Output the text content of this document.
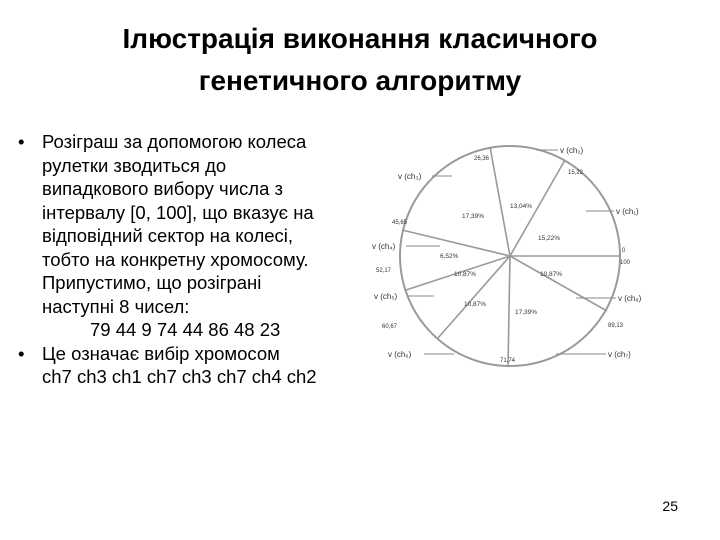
Ілюстрація виконання класичного
генетичного алгоритму
• Розіграш за допомогою колеса
рулетки зводиться до
випадкового вибору числа з
інтервалу [0, 100], що вказує на
відповідний сектор на колесі,
тобто на конкретну хромосому.
Припустимо, що розіграні
наступні 8 чисел:
79 44 9 74 44 86 48 23
• Це означає вибір хромосом
ch7 ch3 ch1 ch7 ch3 ch7 ch4 ch2
13,04%
15,22%
10,87%
17,39%
10,87%
10,87%
6,52%
17,39%
0
100
15,22
26,36
45,65
52,17
60,67
71,74
89,13
v (ch₂)
v (ch₁)
v (ch₈)
v (ch₇)
v (ch₆)
v (ch₅)
v (ch₄)
v (ch₃)
25
